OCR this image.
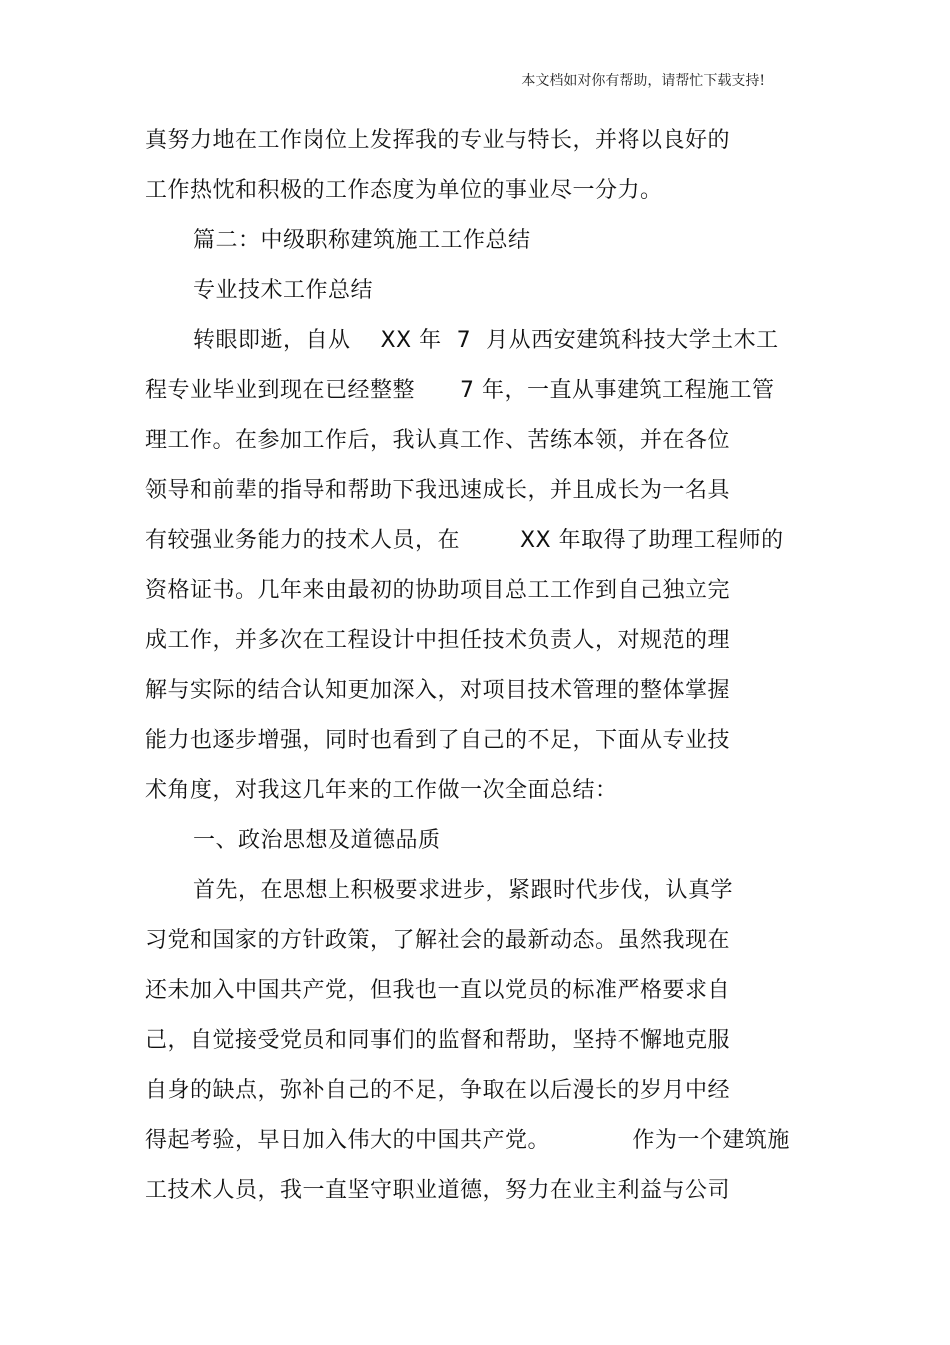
本文档如对你有帮助，请帮忙下载支持!
真努力地在工作岗位上发挥我的专业与特长，并将以良好的
工作热忱和积极的工作态度为单位的事业尽一分力。
篇二：中级职称建筑施工工作总结
专业技术工作总结
转眼即逝，自从    XX 年  7  月从西安建筑科技大学土木工
程专业毕业到现在已经整整      7 年，一直从事建筑工程施工管
理工作。在参加工作后，我认真工作、苦练本领，并在各位
领导和前辈的指导和帮助下我迅速成长，并且成长为一名具
有较强业务能力的技术人员，在        XX 年取得了助理工程师的
资格证书。几年来由最初的协助项目总工工作到自己独立完
成工作，并多次在工程设计中担任技术负责人，对规范的理
解与实际的结合认知更加深入，对项目技术管理的整体掌握
能力也逐步增强，同时也看到了自己的不足，下面从专业技
术角度，对我这几年来的工作做一次全面总结：
一、政治思想及道德品质
首先，在思想上积极要求进步，紧跟时代步伐，认真学
习党和国家的方针政策，了解社会的最新动态。虽然我现在
还未加入中国共产党，但我也一直以党员的标准严格要求自
己，自觉接受党员和同事们的监督和帮助，坚持不懈地克服
自身的缺点，弥补自己的不足，争取在以后漫长的岁月中经
得起考验，早日加入伟大的中国共产党。           作为一个建筑施
工技术人员，我一直坚守职业道德，努力在业主利益与公司
